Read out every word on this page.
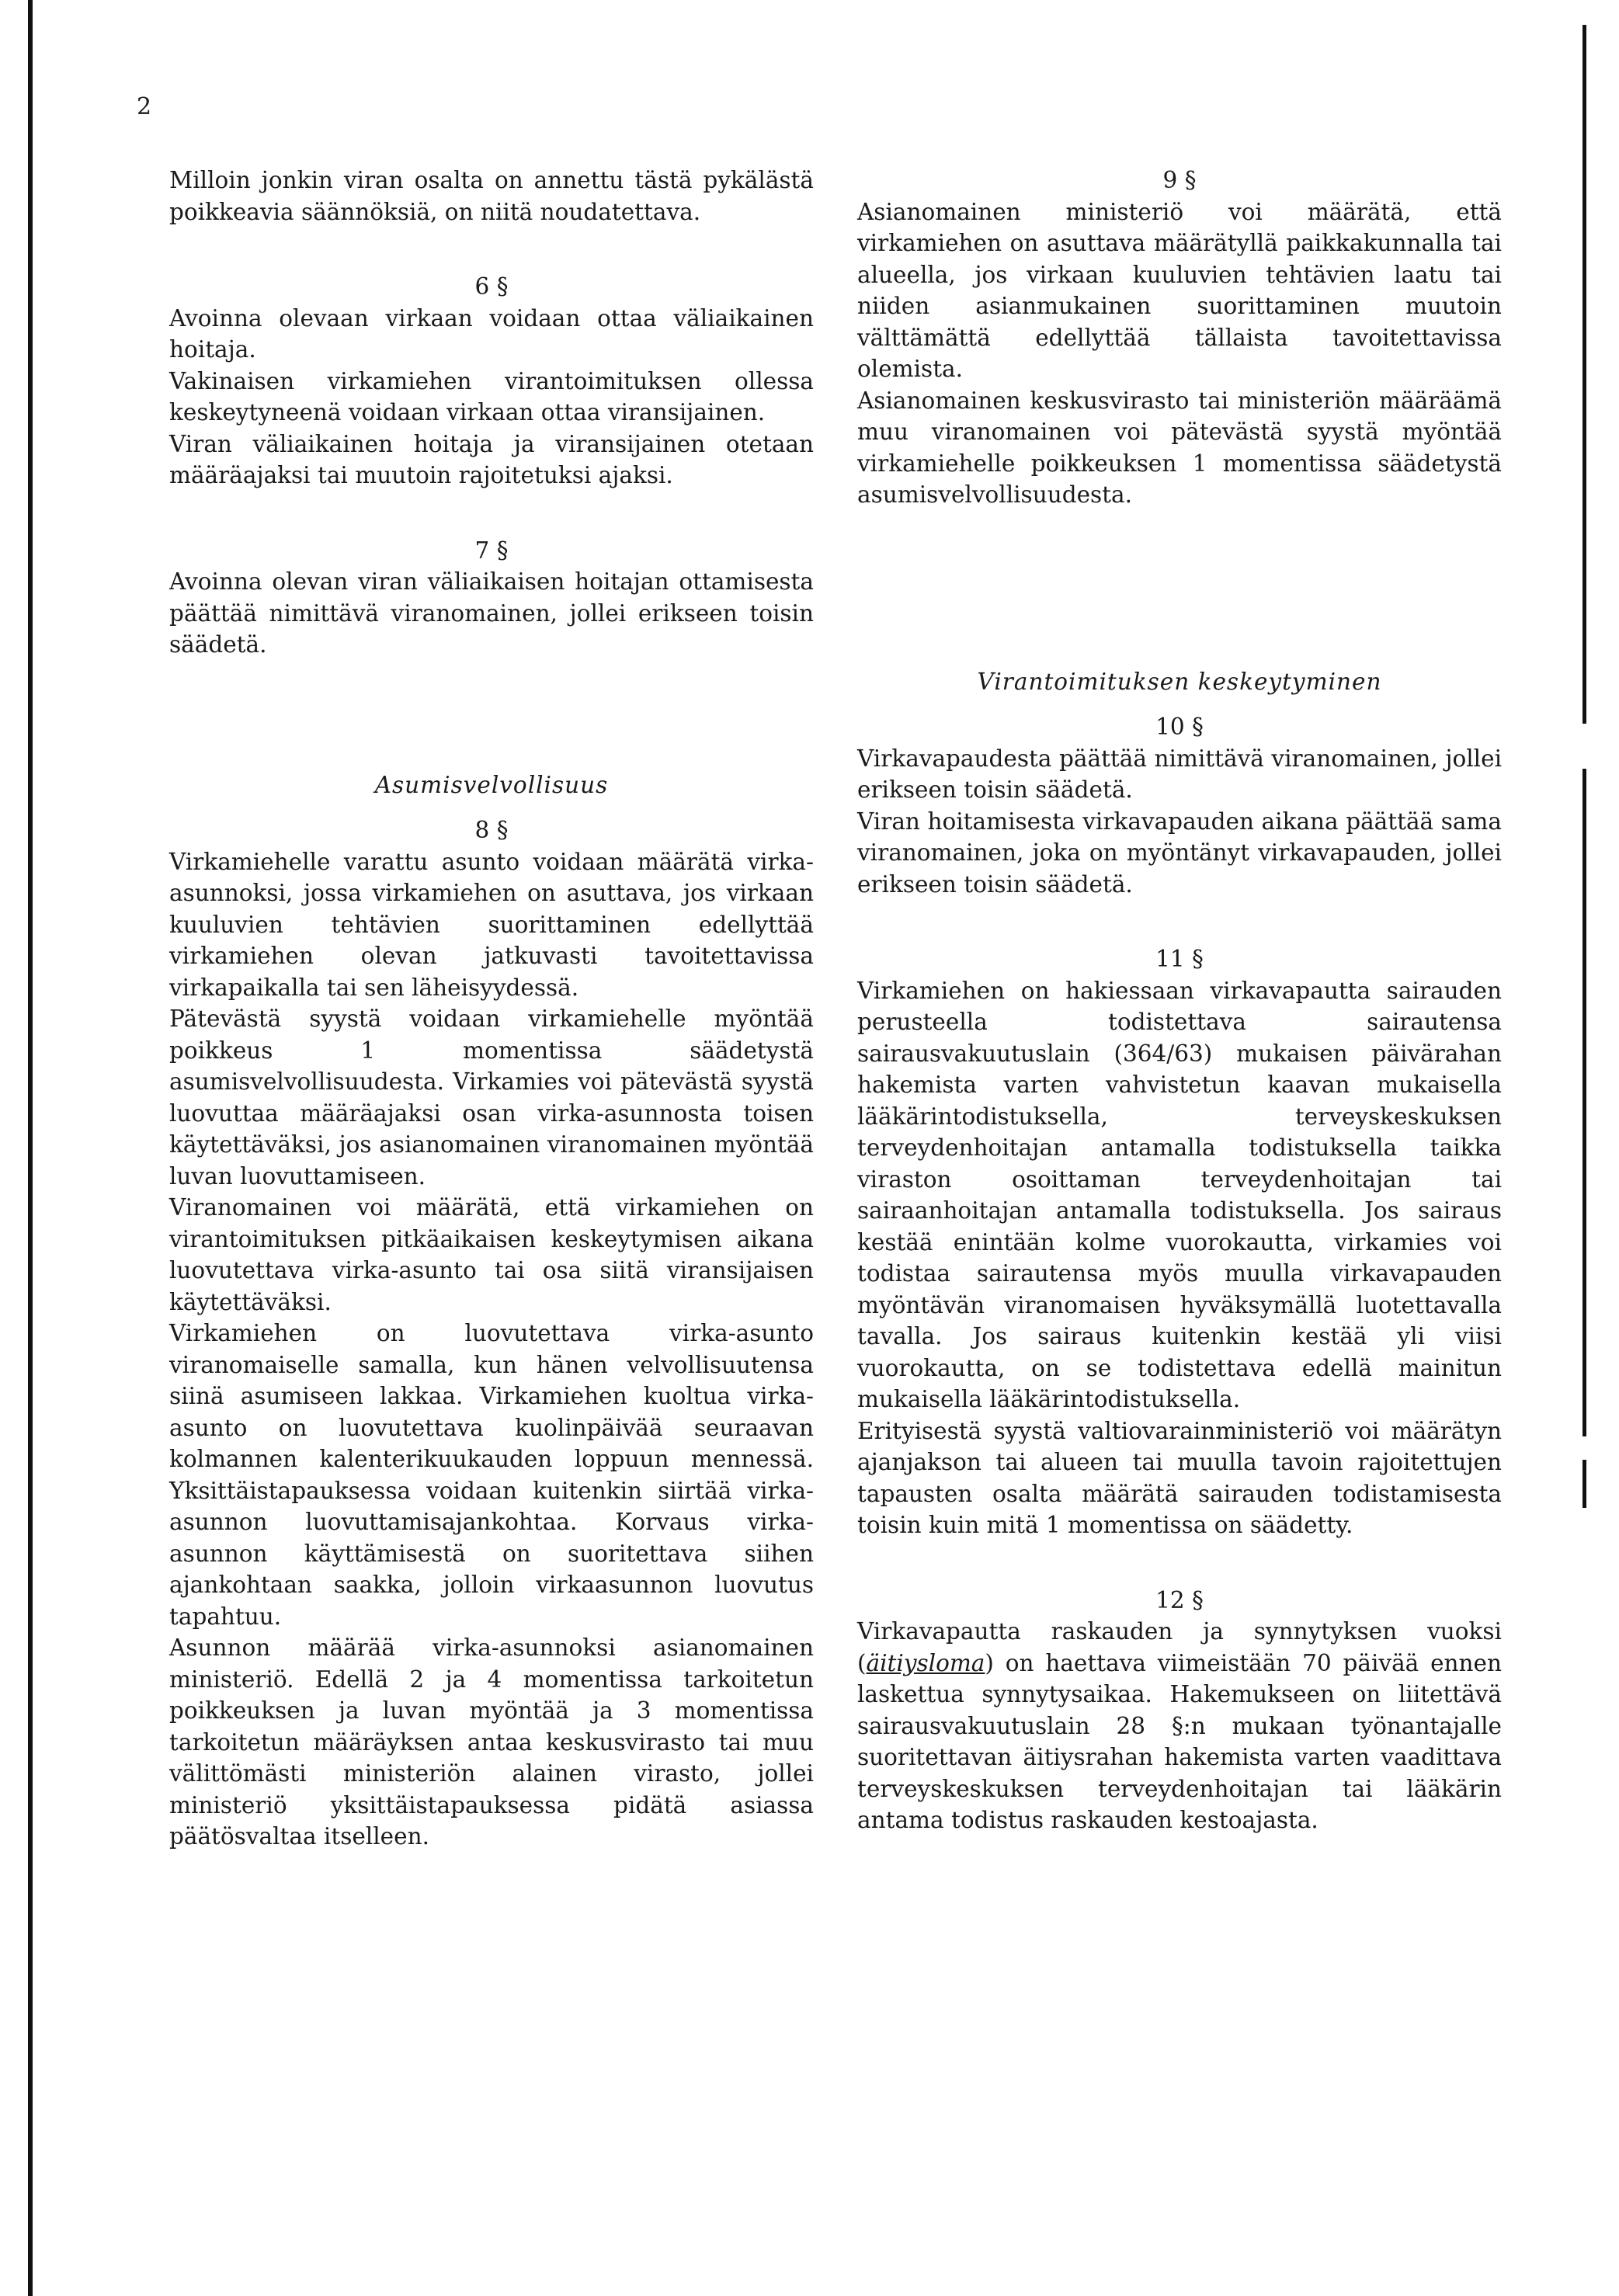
2

Milloin jonkin viran osalta on annettu tästä pykälästä poikkeavia säännöksiä, on niitä noudatettava.

6 §

Avoinna olevaan virkaan voidaan ottaa väliaikainen hoitaja.

Vakinaisen virkamiehen virantoimituksen ollessa keskeytyneenä voidaan virkaan ottaa viransijainen.

Viran väliaikainen hoitaja ja viransijainen otetaan määräajaksi tai muutoin rajoitetuksi ajaksi.

7 §

Avoinna olevan viran väliaikaisen hoitajan ottamisesta päättää nimittävä viranomainen, jollei erikseen toisin säädetä.

Asumisvelvollisuus

8 §

Virkamiehelle varattu asunto voidaan määrätä virka-asunnoksi, jossa virkamiehen on asuttava, jos virkaan kuuluvien tehtävien suorittaminen edellyttää virkamiehen olevan jatkuvasti tavoitettavissa virkapaikalla tai sen läheisyydessä.

Pätevästä syystä voidaan virkamiehelle myöntää poikkeus 1 momentissa säädetystä asumisvelvollisuudesta. Virkamies voi pätevästä syystä luovuttaa määräajaksi osan virka-asunnosta toisen käytettäväksi, jos asianomainen viranomainen myöntää luvan luovuttamiseen.

Viranomainen voi määrätä, että virkamiehen on virantoimituksen pitkäaikaisen keskeytymisen aikana luovutettava virka-asunto tai osa siitä viransijaisen käytettäväksi.

Virkamiehen on luovutettava virka-asunto viranomaiselle samalla, kun hänen velvollisuutensa siinä asumiseen lakkaa. Virkamiehen kuoltua virka-asunto on luovutettava kuolinpäivää seuraavan kolmannen kalenterikuukauden loppuun mennessä. Yksittäistapauksessa voidaan kuitenkin siirtää virka-asunnon luovuttamisajankohtaa. Korvaus virka-asunnon käyttämisestä on suoritettava siihen ajankohtaan saakka, jolloin virkaasunnon luovutus tapahtuu.

Asunnon määrää virka-asunnoksi asianomainen ministeriö. Edellä 2 ja 4 momentissa tarkoitetun poikkeuksen ja luvan myöntää ja 3 momentissa tarkoitetun määräyksen antaa keskusvirasto tai muu välittömästi ministeriön alainen virasto, jollei ministeriö yksittäistapauksessa pidätä asiassa päätösvaltaa itselleen.

9 §

Asianomainen ministeriö voi määrätä, että virkamiehen on asuttava määrätyllä paikkakunnalla tai alueella, jos virkaan kuuluvien tehtävien laatu tai niiden asianmukainen suorittaminen muutoin välttämättä edellyttää tällaista tavoitettavissa olemista.

Asianomainen keskusvirasto tai ministeriön määräämä muu viranomainen voi pätevästä syystä myöntää virkamiehelle poikkeuksen 1 momentissa säädetystä asumisvelvollisuudesta.

Virantoimituksen keskeytyminen

10 §

Virkavapaudesta päättää nimittävä viranomainen, jollei erikseen toisin säädetä.

Viran hoitamisesta virkavapauden aikana päättää sama viranomainen, joka on myöntänyt virkavapauden, jollei erikseen toisin säädetä.

11 §

Virkamiehen on hakiessaan virkavapautta sairauden perusteella todistettava sairautensa sairausvakuutuslain (364/63) mukaisen päivärahan hakemista varten vahvistetun kaavan mukaisella lääkärintodistuksella, terveyskeskuksen terveydenhoitajan antamalla todistuksella taikka viraston osoittaman terveydenhoitajan tai sairaanhoitajan antamalla todistuksella. Jos sairaus kestää enintään kolme vuorokautta, virkamies voi todistaa sairautensa myös muulla virkavapauden myöntävän viranomaisen hyväksymällä luotettavalla tavalla. Jos sairaus kuitenkin kestää yli viisi vuorokautta, on se todistettava edellä mainitun mukaisella lääkärintodistuksella.

Erityisestä syystä valtiovarainministeriö voi määrätyn ajanjakson tai alueen tai muulla tavoin rajoitettujen tapausten osalta määrätä sairauden todistamisesta toisin kuin mitä 1 momentissa on säädetty.

12 §

Virkavapautta raskauden ja synnytyksen vuoksi (äitiysloma) on haettava viimeistään 70 päivää ennen laskettua synnytysaikaa. Hakemukseen on liitettävä sairausvakuutuslain 28 §:n mukaan työnantajalle suoritettavan äitiysrahan hakemista varten vaadittava terveyskeskuksen terveydenhoitajan tai lääkärin antama todistus raskauden kestoajasta.
